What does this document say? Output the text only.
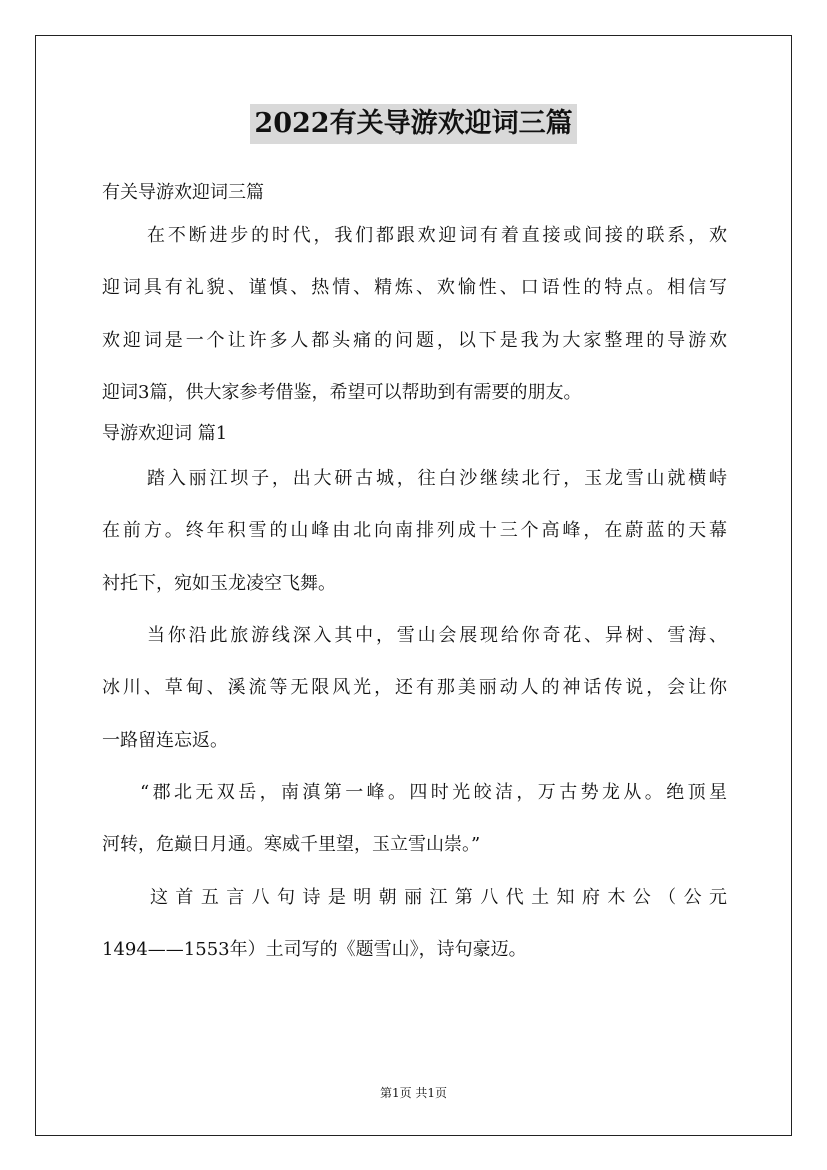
2022有关导游欢迎词三篇
有关导游欢迎词三篇
在不断进步的时代，我们都跟欢迎词有着直接或间接的联系，欢
迎词具有礼貌、谨慎、热情、精炼、欢愉性、口语性的特点。相信写
欢迎词是一个让许多人都头痛的问题，以下是我为大家整理的导游欢
迎词3篇，供大家参考借鉴，希望可以帮助到有需要的朋友。
导游欢迎词 篇1
踏入丽江坝子，出大研古城，往白沙继续北行，玉龙雪山就横峙
在前方。终年积雪的山峰由北向南排列成十三个高峰，在蔚蓝的天幕
衬托下，宛如玉龙凌空飞舞。
当你沿此旅游线深入其中，雪山会展现给你奇花、异树、雪海、
冰川、草甸、溪流等无限风光，还有那美丽动人的神话传说，会让你
一路留连忘返。
“郡北无双岳，南滇第一峰。四时光皎洁，万古势龙从。绝顶星
河转，危巅日月通。寒威千里望，玉立雪山崇。”
这首五言八句诗是明朝丽江第八代土知府木公（公元
1494——1553年）土司写的《题雪山》，诗句豪迈。
第1页 共1页
